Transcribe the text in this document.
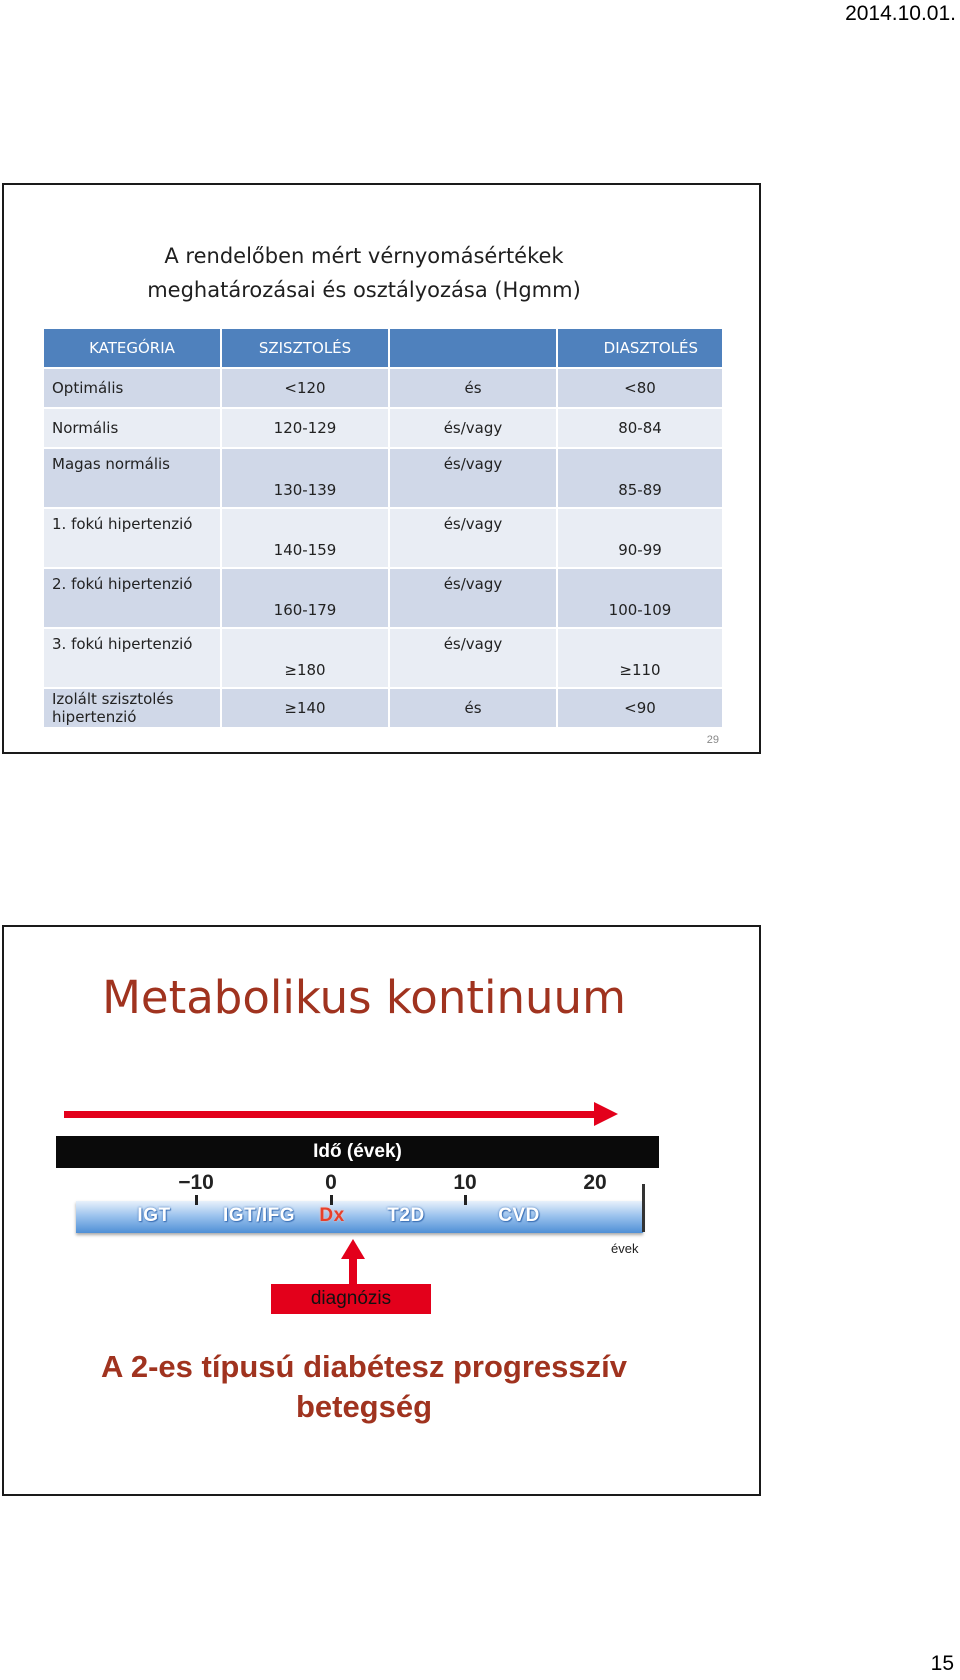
2014.10.01.
A rendelőben mért vérnyomásértékek
meghatározásai és osztályozása (Hgmm)
KATEGÓRIA	SZISZTOLÉS		DIASZTOLÉS
Optimális	<120	és	<80
Normális	120-129	és/vagy	80-84
Magas normális	130-139	és/vagy	85-89
1. fokú hipertenzió	140-159	és/vagy	90-99
2. fokú hipertenzió	160-179	és/vagy	100-109
3. fokú hipertenzió	≥180	és/vagy	≥110
Izolált szisztolés hipertenzió	≥140	és	<90
29
Metabolikus kontinuum
Idő (évek)
−10	0	10	20
IGT	IGT/IFG Dx T2D	CVD
évek
diagnózis
A 2-es típusú diabétesz progresszív
betegség
15
